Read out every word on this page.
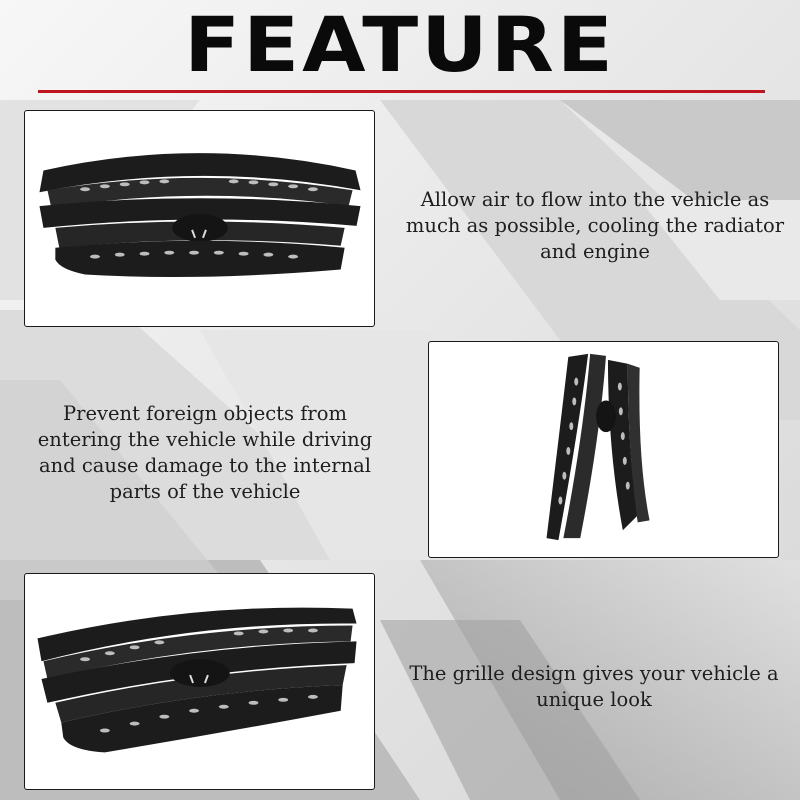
FEATURE
Allow air to flow into the vehicle as much as possible, cooling the radiator and engine
Prevent foreign objects from entering the vehicle while driving and cause damage to the internal parts of the vehicle
The grille design gives your vehicle a unique look
